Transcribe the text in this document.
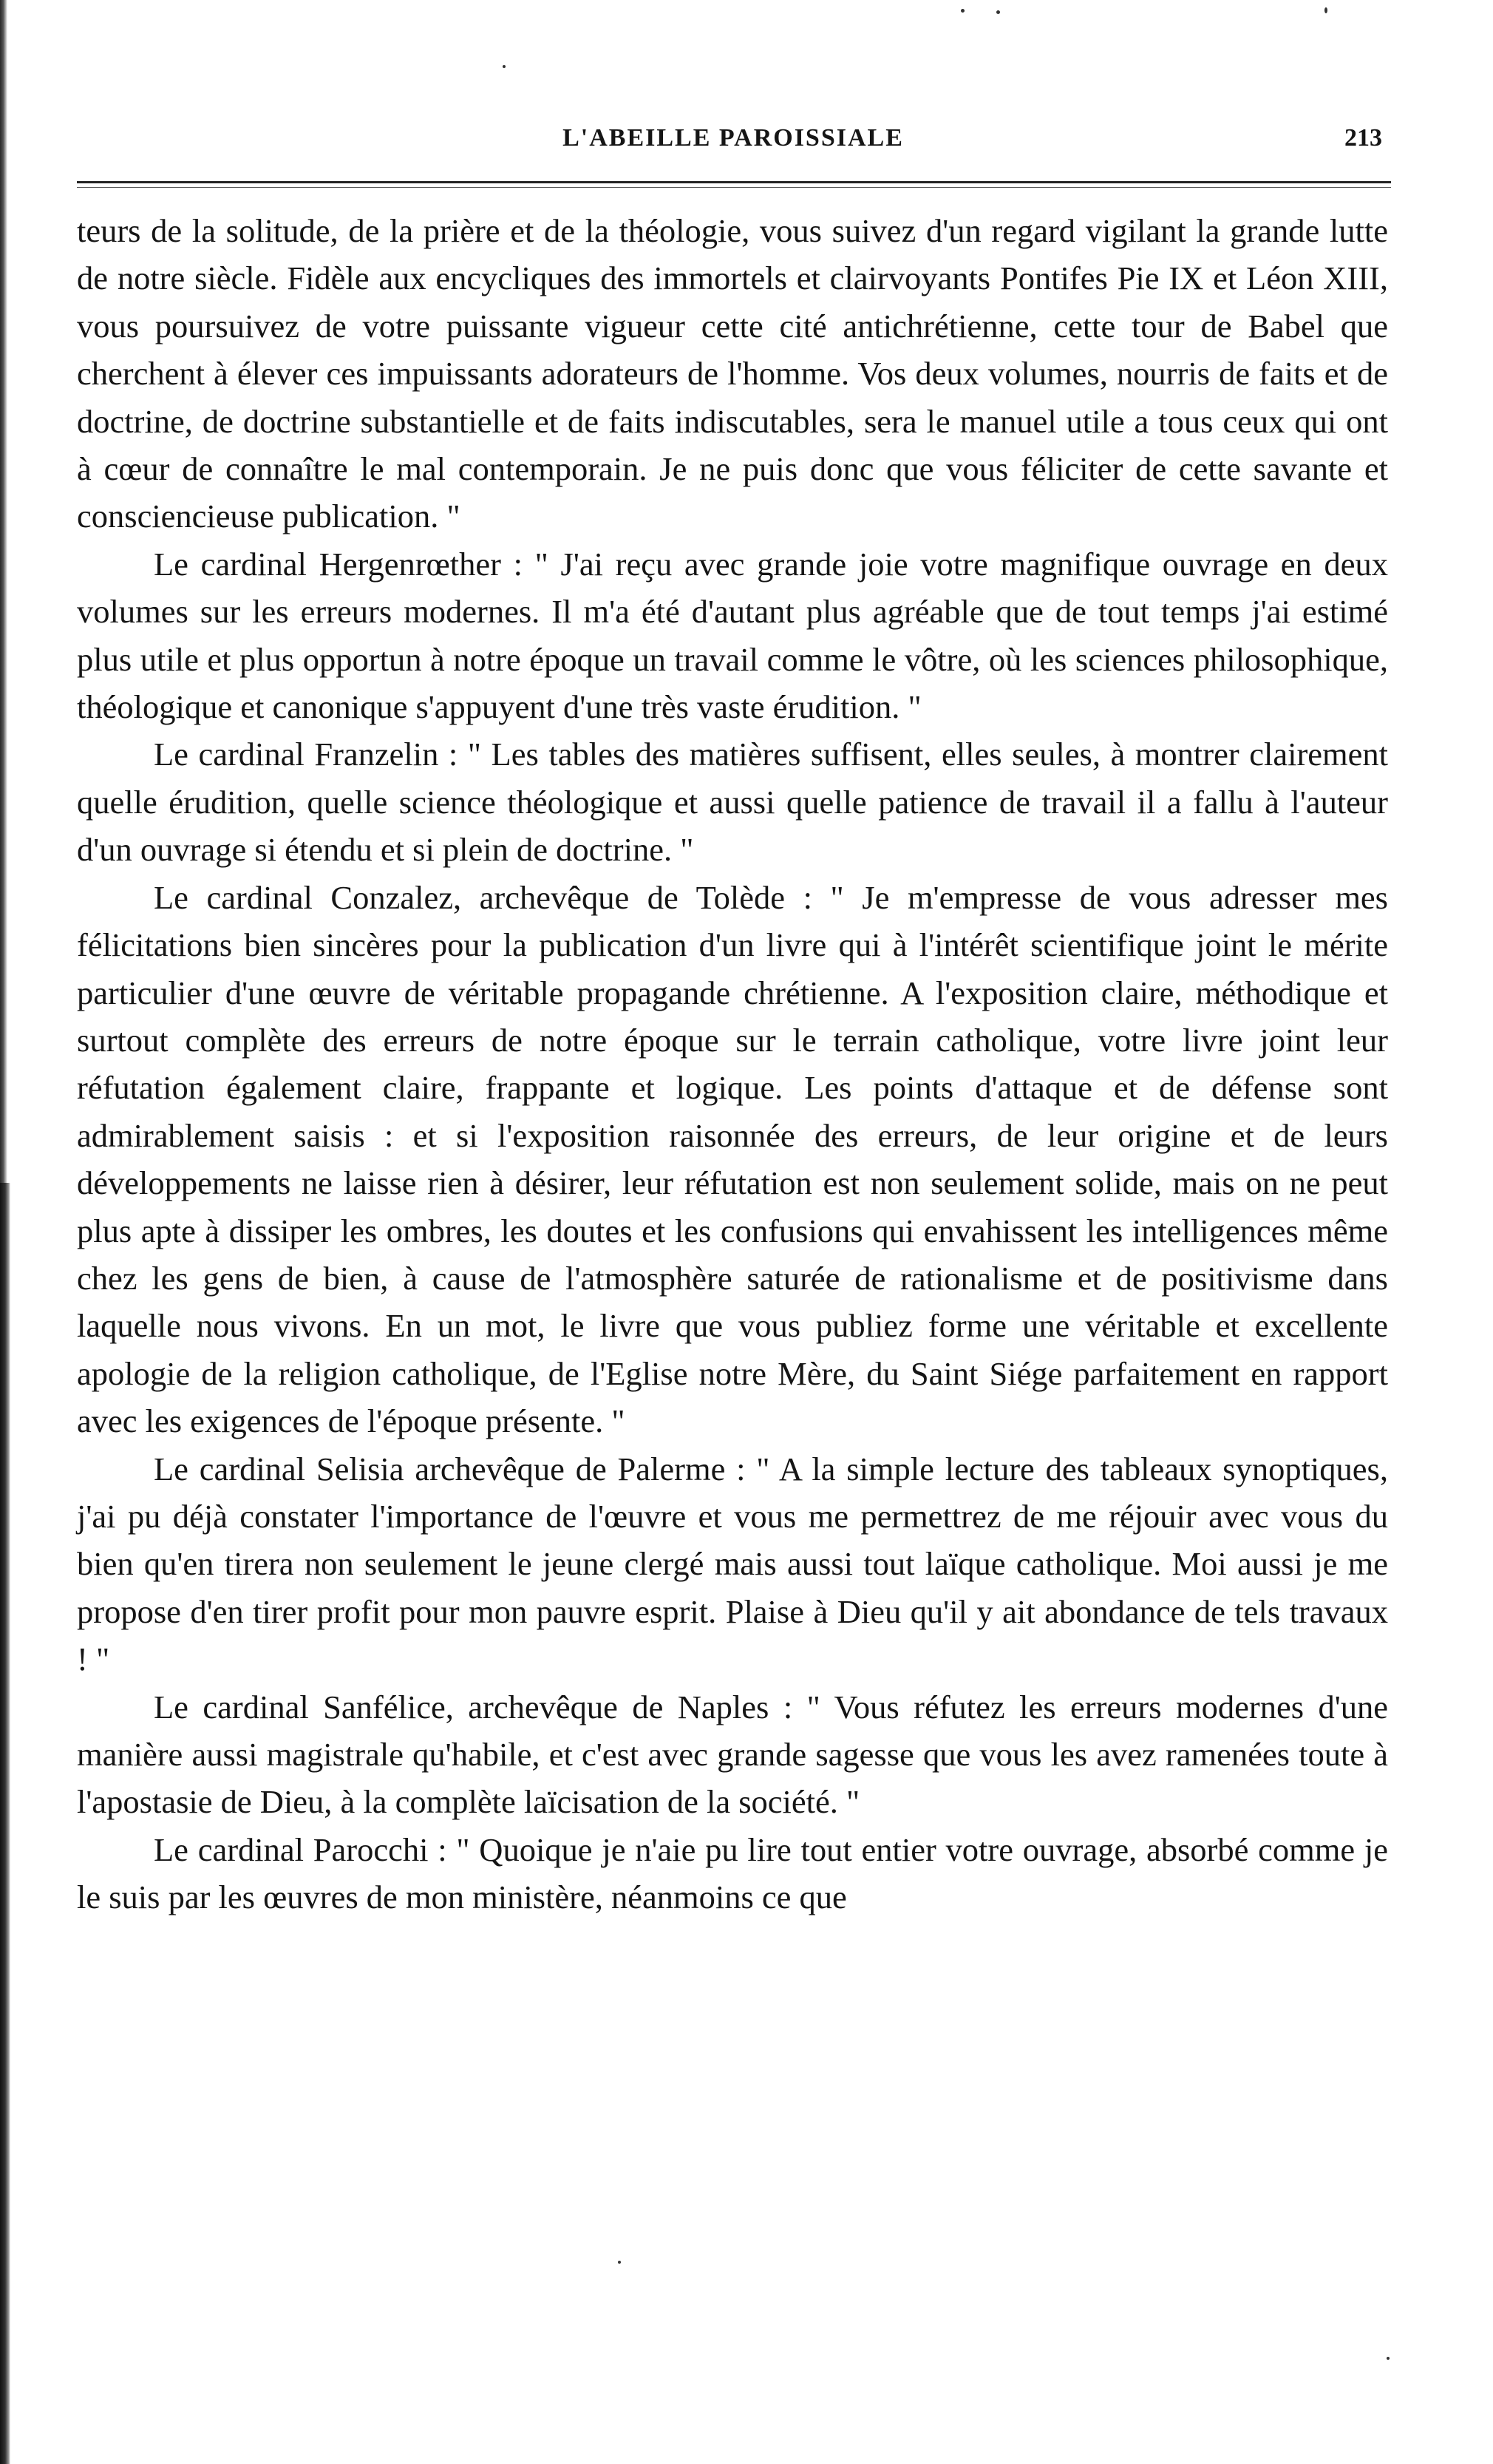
L'ABEILLE PAROISSIALE	213

teurs de la solitude, de la prière et de la théologie, vous suivez d'un regard vigilant la grande lutte de notre siècle. Fidèle aux encycliques des immortels et clairvoyants Pontifes Pie IX et Léon XIII, vous poursuivez de votre puissante vigueur cette cité antichrétienne, cette tour de Babel que cherchent à élever ces impuissants adorateurs de l'homme. Vos deux volumes, nourris de faits et de doctrine, de doctrine substantielle et de faits indiscutables, sera le manuel utile a tous ceux qui ont à cœur de connaître le mal contemporain. Je ne puis donc que vous féliciter de cette savante et consciencieuse publication. "

Le cardinal Hergenrœther : " J'ai reçu avec grande joie votre magnifique ouvrage en deux volumes sur les erreurs modernes. Il m'a été d'autant plus agréable que de tout temps j'ai estimé plus utile et plus opportun à notre époque un travail comme le vôtre, où les sciences philosophique, théologique et canonique s'appuyent d'une très vaste érudition. "

Le cardinal Franzelin : " Les tables des matières suffisent, elles seules, à montrer clairement quelle érudition, quelle science théologique et aussi quelle patience de travail il a fallu à l'auteur d'un ouvrage si étendu et si plein de doctrine. "

Le cardinal Conzalez, archevêque de Tolède : " Je m'empresse de vous adresser mes félicitations bien sincères pour la publication d'un livre qui à l'intérêt scientifique joint le mérite particulier d'une œuvre de véritable propagande chrétienne. A l'exposition claire, méthodique et surtout complète des erreurs de notre époque sur le terrain catholique, votre livre joint leur réfutation également claire, frappante et logique. Les points d'attaque et de défense sont admirablement saisis : et si l'exposition raisonnée des erreurs, de leur origine et de leurs développements ne laisse rien à désirer, leur réfutation est non seulement solide, mais on ne peut plus apte à dissiper les ombres, les doutes et les confusions qui envahissent les intelligences même chez les gens de bien, à cause de l'atmosphère saturée de rationalisme et de positivisme dans laquelle nous vivons. En un mot, le livre que vous publiez forme une véritable et excellente apologie de la religion catholique, de l'Eglise notre Mère, du Saint Siége parfaitement en rapport avec les exigences de l'époque présente. "

Le cardinal Selisia archevêque de Palerme : " A la simple lecture des tableaux synoptiques, j'ai pu déjà constater l'importance de l'œuvre et vous me permettrez de me réjouir avec vous du bien qu'en tirera non seulement le jeune clergé mais aussi tout laïque catholique. Moi aussi je me propose d'en tirer profit pour mon pauvre esprit. Plaise à Dieu qu'il y ait abondance de tels travaux ! "

Le cardinal Sanfélice, archevêque de Naples : " Vous réfutez les erreurs modernes d'une manière aussi magistrale qu'habile, et c'est avec grande sagesse que vous les avez ramenées toute à l'apostasie de Dieu, à la complète laïcisation de la société. "

Le cardinal Parocchi : " Quoique je n'aie pu lire tout entier votre ouvrage, absorbé comme je le suis par les œuvres de mon ministère, néanmoins ce que
